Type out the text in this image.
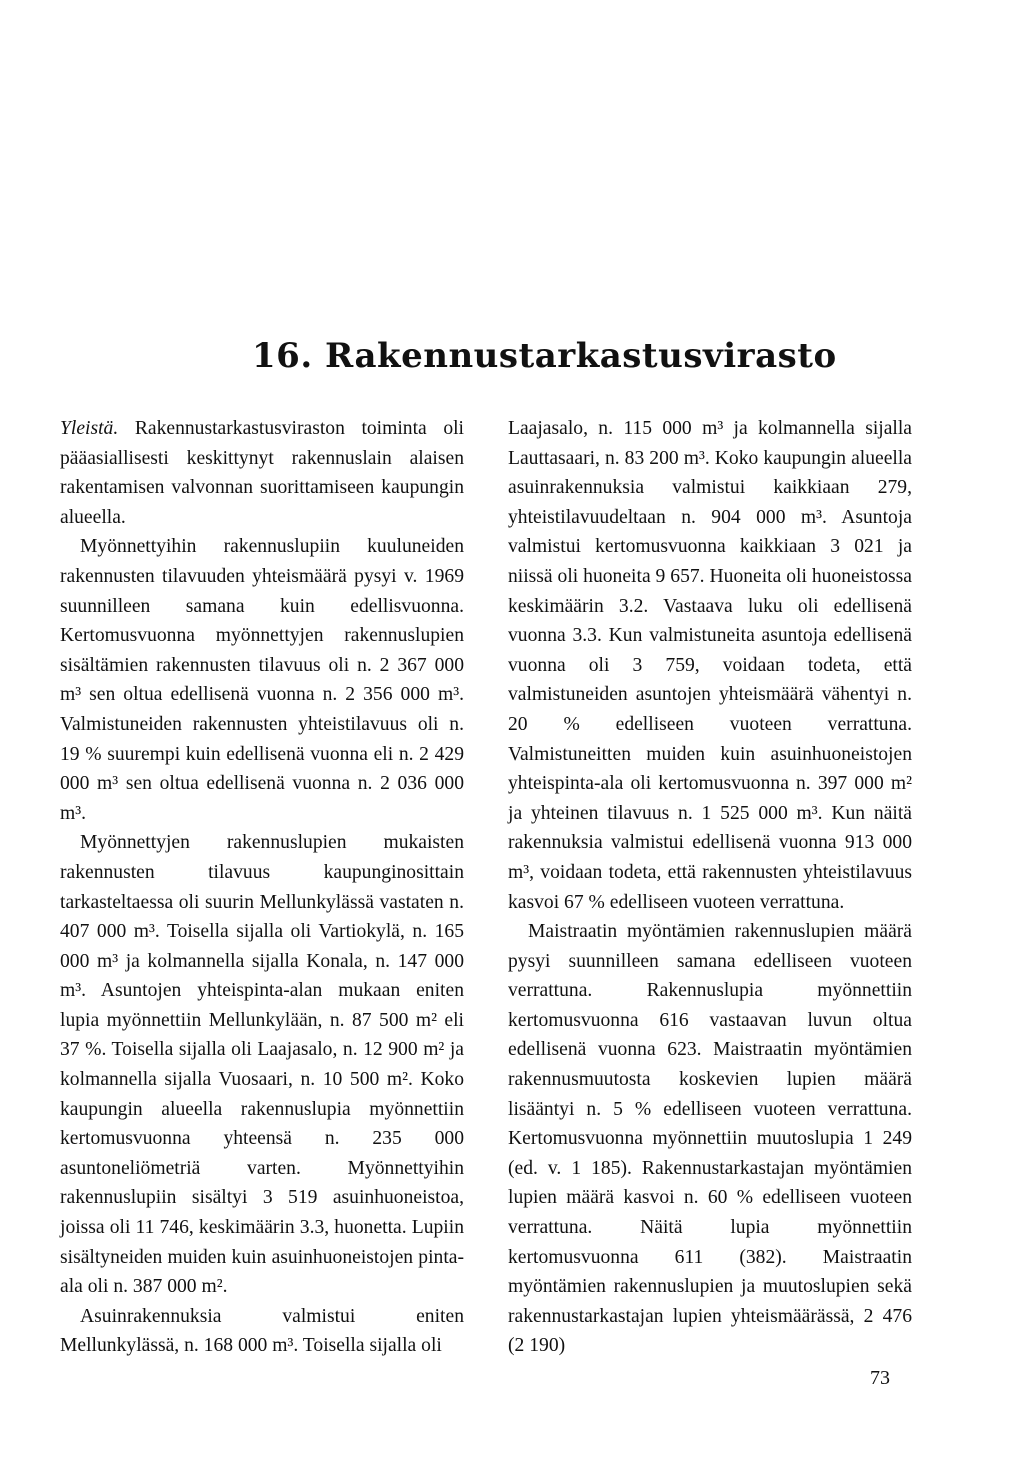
16. Rakennustarkastusvirasto

Yleistä. Rakennustarkastusviraston toiminta oli pääasiallisesti keskittynyt rakennuslain alaisen rakentamisen valvonnan suorittamiseen kaupungin alueella.

Myönnettyihin rakennuslupiin kuuluneiden rakennusten tilavuuden yhteismäärä pysyi v. 1969 suunnilleen samana kuin edellisvuonna. Kertomusvuonna myönnettyjen rakennuslupien sisältämien rakennusten tilavuus oli n. 2 367 000 m³ sen oltua edellisenä vuonna n. 2 356 000 m³. Valmistuneiden rakennusten yhteistilavuus oli n. 19 % suurempi kuin edellisenä vuonna eli n. 2 429 000 m³ sen oltua edellisenä vuonna n. 2 036 000 m³.

Myönnettyjen rakennuslupien mukaisten rakennusten tilavuus kaupunginosittain tarkasteltaessa oli suurin Mellunkylässä vastaten n. 407 000 m³. Toisella sijalla oli Vartiokylä, n. 165 000 m³ ja kolmannella sijalla Konala, n. 147 000 m³. Asuntojen yhteispinta-alan mukaan eniten lupia myönnettiin Mellunkylään, n. 87 500 m² eli 37 %. Toisella sijalla oli Laajasalo, n. 12 900 m² ja kolmannella sijalla Vuosaari, n. 10 500 m². Koko kaupungin alueella rakennuslupia myönnettiin kertomusvuonna yhteensä n. 235 000 asuntoneliömetriä varten. Myönnettyihin rakennuslupiin sisältyi 3 519 asuinhuoneistoa, joissa oli 11 746, keskimäärin 3.3, huonetta. Lupiin sisältyneiden muiden kuin asuinhuoneistojen pinta-ala oli n. 387 000 m².

Asuinrakennuksia valmistui eniten Mellunkylässä, n. 168 000 m³. Toisella sijalla oli

Laajasalo, n. 115 000 m³ ja kolmannella sijalla Lauttasaari, n. 83 200 m³. Koko kaupungin alueella asuinrakennuksia valmistui kaikkiaan 279, yhteistilavuudeltaan n. 904 000 m³. Asuntoja valmistui kertomusvuonna kaikkiaan 3 021 ja niissä oli huoneita 9 657. Huoneita oli huoneistossa keskimäärin 3.2. Vastaava luku oli edellisenä vuonna 3.3. Kun valmistuneita asuntoja edellisenä vuonna oli 3 759, voidaan todeta, että valmistuneiden asuntojen yhteismäärä vähentyi n. 20 % edelliseen vuoteen verrattuna. Valmistuneitten muiden kuin asuinhuoneistojen yhteispinta-ala oli kertomusvuonna n. 397 000 m² ja yhteinen tilavuus n. 1 525 000 m³. Kun näitä rakennuksia valmistui edellisenä vuonna 913 000 m³, voidaan todeta, että rakennusten yhteistilavuus kasvoi 67 % edelliseen vuoteen verrattuna.

Maistraatin myöntämien rakennuslupien määrä pysyi suunnilleen samana edelliseen vuoteen verrattuna. Rakennuslupia myönnettiin kertomusvuonna 616 vastaavan luvun oltua edellisenä vuonna 623. Maistraatin myöntämien rakennusmuutosta koskevien lupien määrä lisääntyi n. 5 % edelliseen vuoteen verrattuna. Kertomusvuonna myönnettiin muutoslupia 1 249 (ed. v. 1 185). Rakennustarkastajan myöntämien lupien määrä kasvoi n. 60 % edelliseen vuoteen verrattuna. Näitä lupia myönnettiin kertomusvuonna 611 (382). Maistraatin myöntämien rakennuslupien ja muutoslupien sekä rakennustarkastajan lupien yhteismäärässä, 2 476 (2 190)

73
